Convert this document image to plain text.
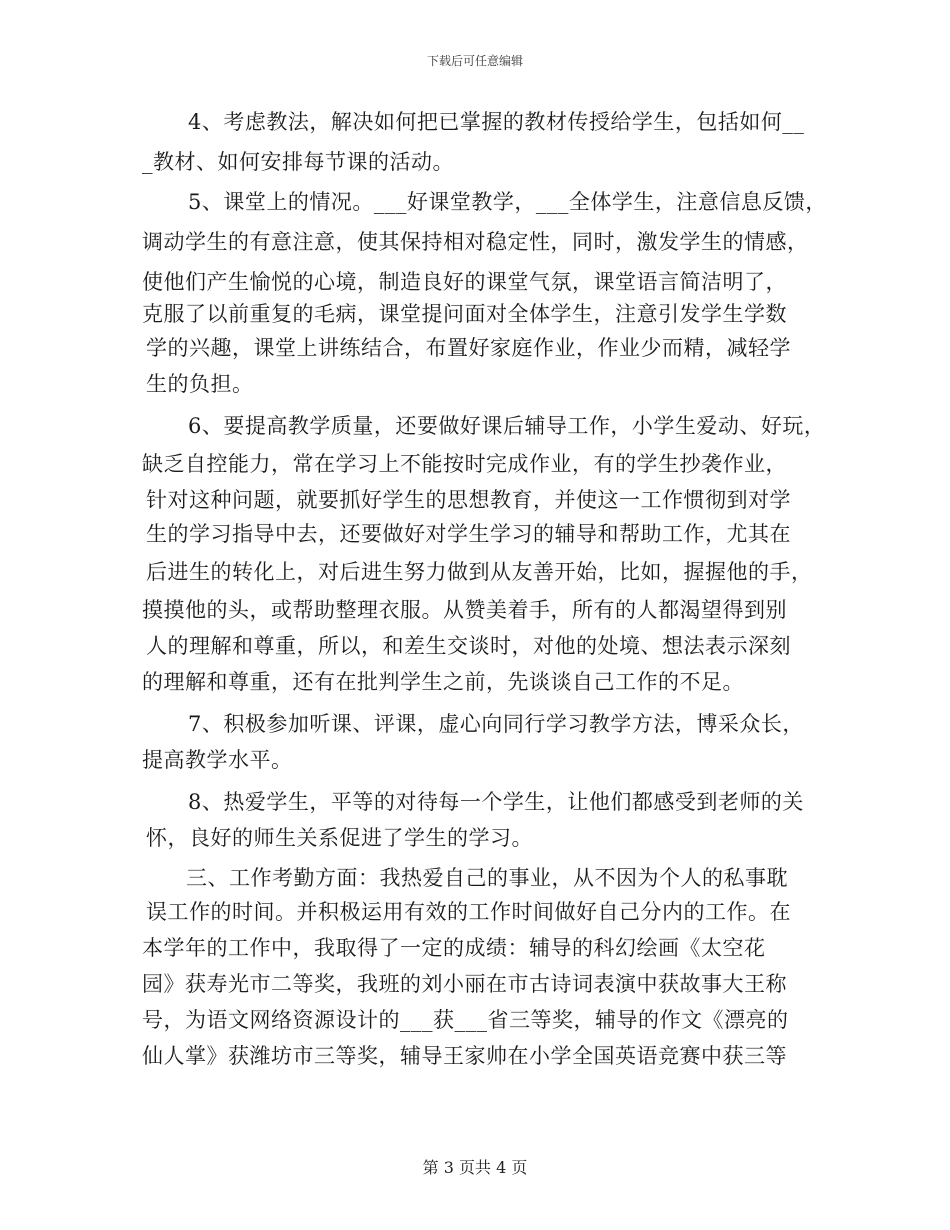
下载后可任意编辑
4、考虑教法，解决如何把已掌握的教材传授给学生，包括如何__
_教材、如何安排每节课的活动。
5、课堂上的情况。___好课堂教学，___全体学生，注意信息反馈，
调动学生的有意注意，使其保持相对稳定性，同时，激发学生的情感，
使他们产生愉悦的心境，制造良好的课堂气氛，课堂语言简洁明了，
克服了以前重复的毛病，课堂提问面对全体学生，注意引发学生学数
学的兴趣，课堂上讲练结合，布置好家庭作业，作业少而精，减轻学
生的负担。
6、要提高教学质量，还要做好课后辅导工作，小学生爱动、好玩，
缺乏自控能力，常在学习上不能按时完成作业，有的学生抄袭作业，
针对这种问题，就要抓好学生的思想教育，并使这一工作惯彻到对学
生的学习指导中去，还要做好对学生学习的辅导和帮助工作，尤其在
后进生的转化上，对后进生努力做到从友善开始，比如，握握他的手，
摸摸他的头，或帮助整理衣服。从赞美着手，所有的人都渴望得到别
人的理解和尊重，所以，和差生交谈时，对他的处境、想法表示深刻
的理解和尊重，还有在批判学生之前，先谈谈自己工作的不足。
7、积极参加听课、评课，虚心向同行学习教学方法，博采众长，
提高教学水平。
8、热爱学生，平等的对待每一个学生，让他们都感受到老师的关
怀，良好的师生关系促进了学生的学习。
三、工作考勤方面：我热爱自己的事业，从不因为个人的私事耽
误工作的时间。并积极运用有效的工作时间做好自己分内的工作。在
本学年的工作中，我取得了一定的成绩：辅导的科幻绘画《太空花
园》获寿光市二等奖，我班的刘小丽在市古诗词表演中获故事大王称
号，为语文网络资源设计的___获___省三等奖，辅导的作文《漂亮的
仙人掌》获潍坊市三等奖，辅导王家帅在小学全国英语竞赛中获三等
第 3 页共 4 页
